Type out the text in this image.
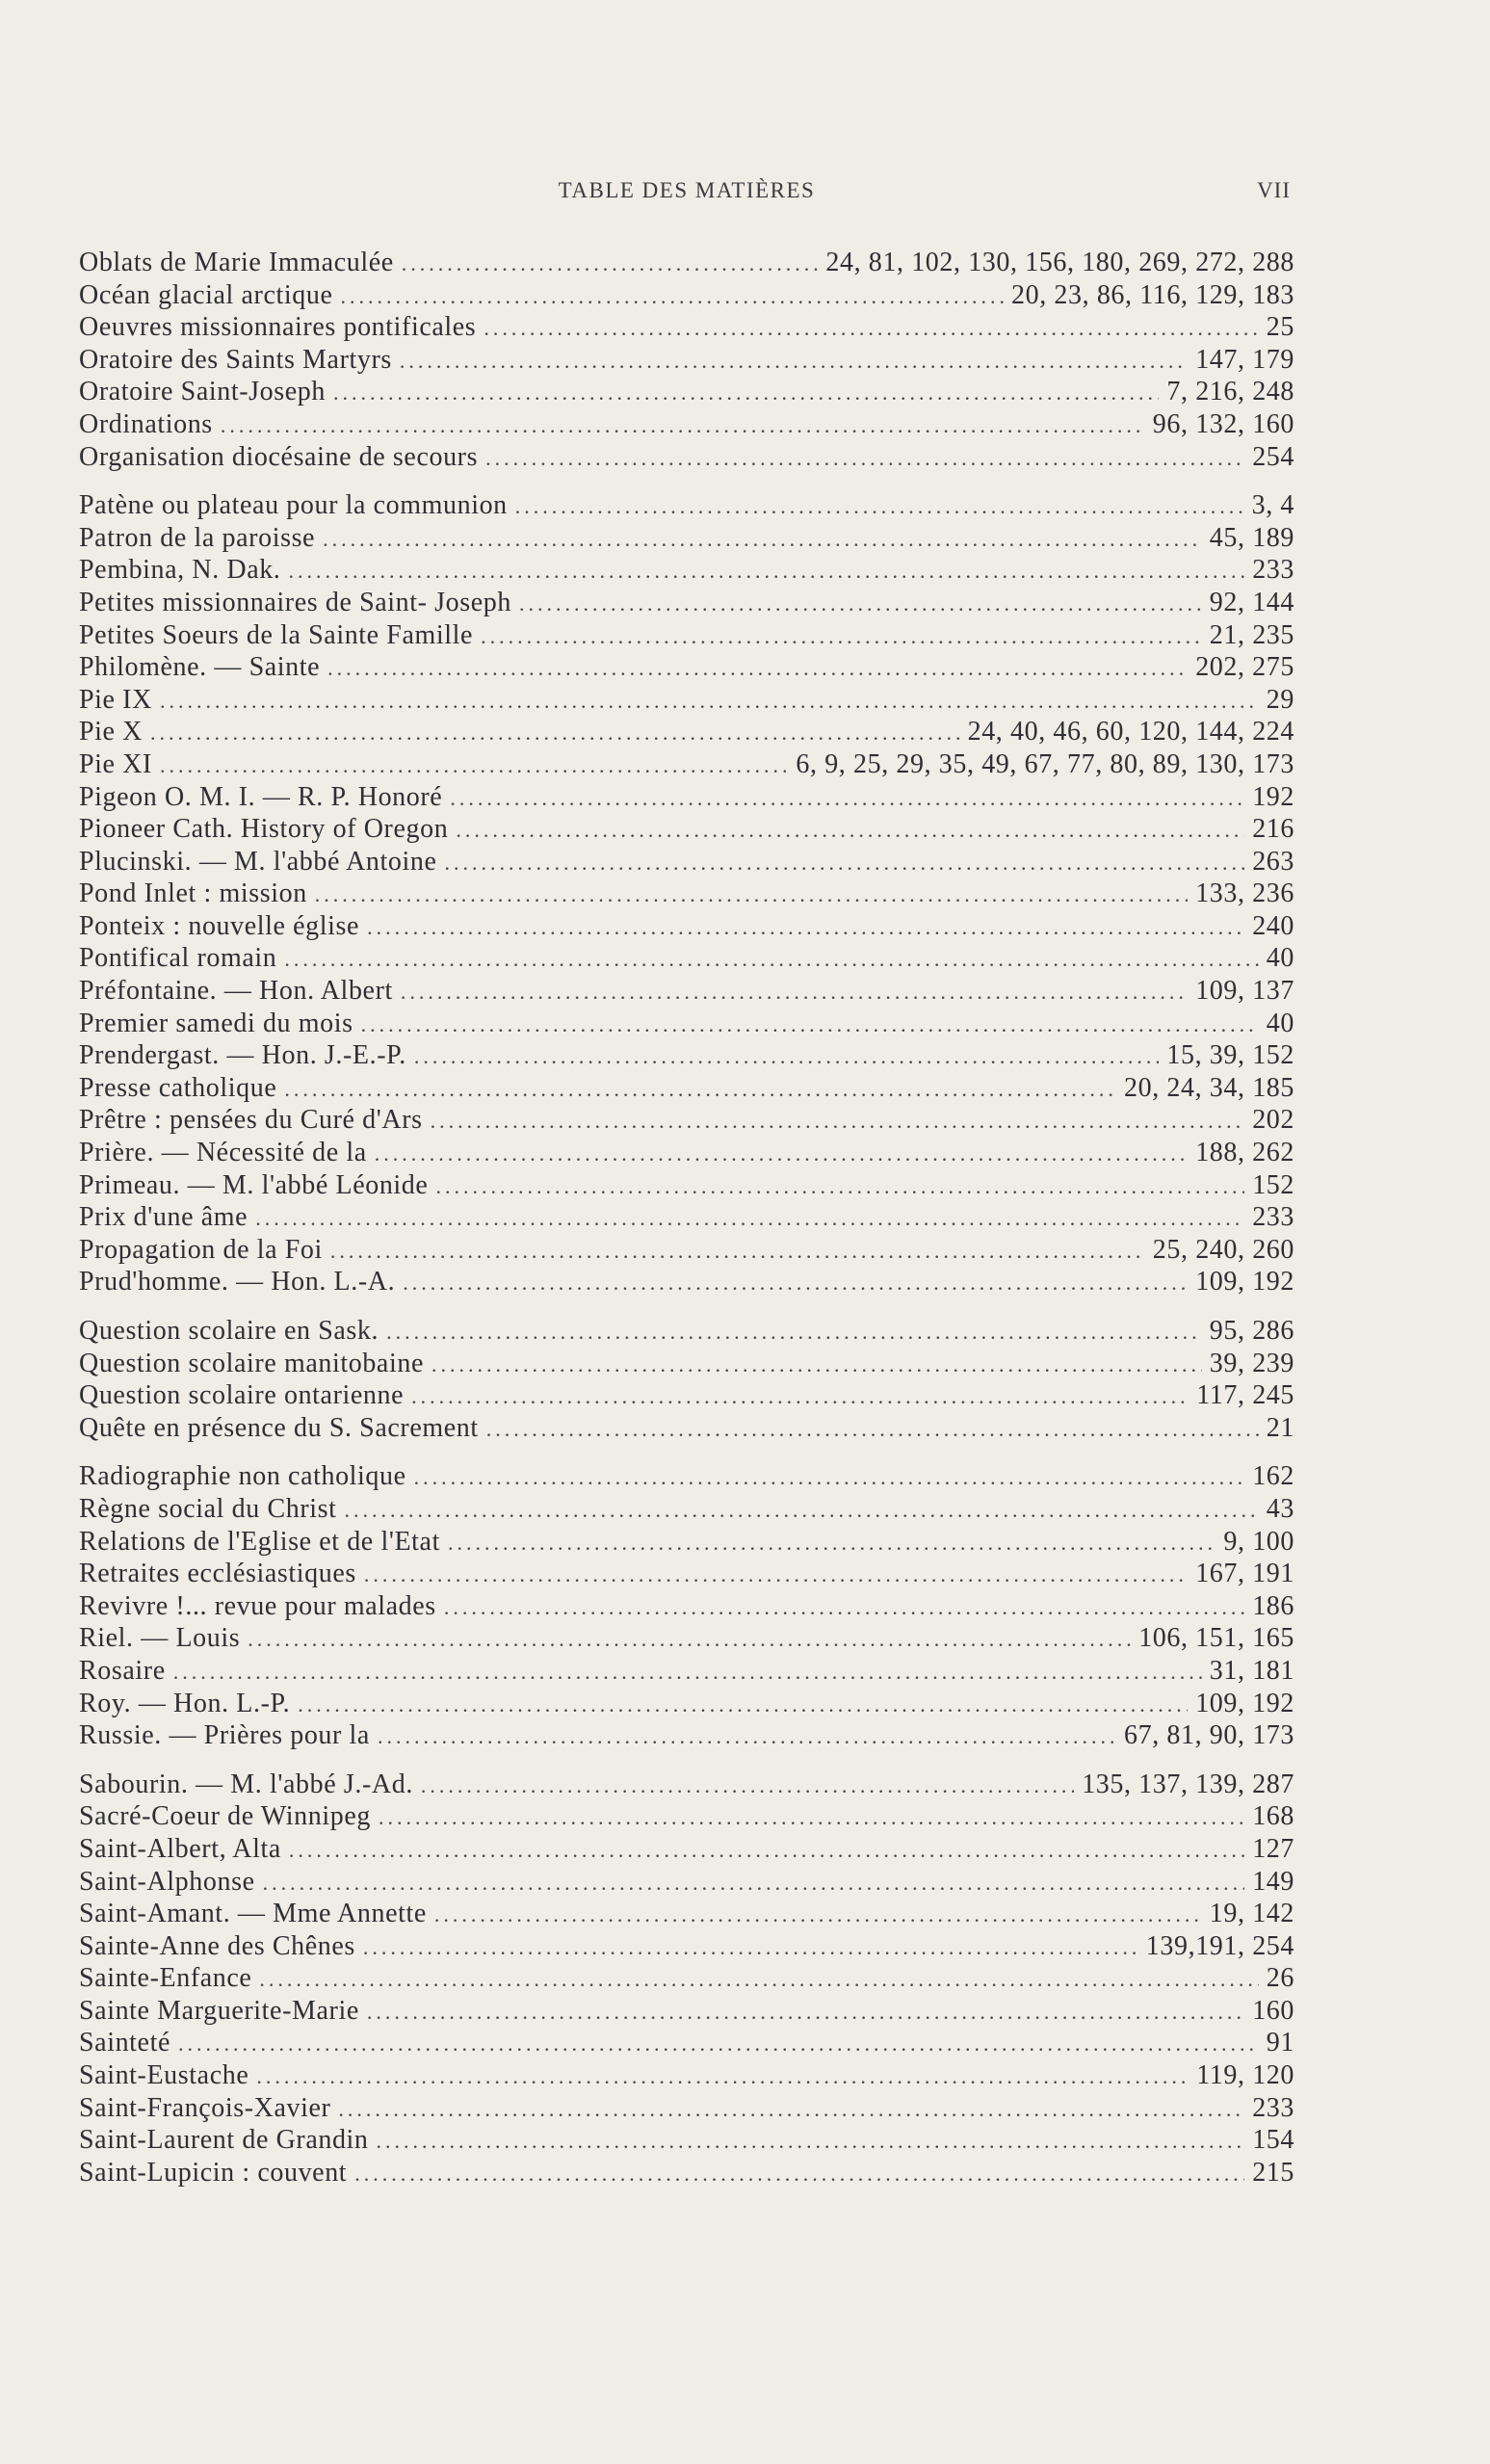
TABLE DES MATIÈRES	VII
Oblats de Marie Immaculée .....	24, 81, 102, 130, 156, 180, 269, 272, 288
Océan glacial arctique .....	20, 23, 86, 116, 129, 183
Oeuvres missionnaires pontificales .....	25
Oratoire des Saints Martyrs .....	147, 179
Oratoire Saint-Joseph .....	7, 216, 248
Ordinations .....	96, 132, 160
Organisation diocésaine de secours .....	254
Patène ou plateau pour la communion .....	3, 4
Patron de la paroisse .....	45, 189
Pembina, N. Dak. .....	233
Petites missionnaires de Saint- Joseph .....	92, 144
Petites Soeurs de la Sainte Famille .....	21, 235
Philomène. — Sainte .....	202, 275
Pie IX .....	29
Pie X .....	24, 40, 46, 60, 120, 144, 224
Pie XI .....	6, 9, 25, 29, 35, 49, 67, 77, 80, 89, 130, 173
Pigeon O. M. I. — R. P. Honoré .....	192
Pioneer Cath. History of Oregon .....	216
Plucinski. — M. l'abbé Antoine .....	263
Pond Inlet : mission .....	133, 236
Ponteix : nouvelle église .....	240
Pontifical romain .....	40
Préfontaine. — Hon. Albert .....	109, 137
Premier samedi du mois .....	40
Prendergast. — Hon. J.-E.-P. .....	15, 39, 152
Presse catholique .....	20, 24, 34, 185
Prêtre : pensées du Curé d'Ars .....	202
Prière. — Nécessité de la .....	188, 262
Primeau. — M. l'abbé Léonide .....	152
Prix d'une âme .....	233
Propagation de la Foi .....	25, 240, 260
Prud'homme. — Hon. L.-A. .....	109, 192
Question scolaire en Sask. .....	95, 286
Question scolaire manitobaine .....	39, 239
Question scolaire ontarienne .....	117, 245
Quête en présence du S. Sacrement .....	21
Radiographie non catholique .....	162
Règne social du Christ .....	43
Relations de l'Eglise et de l'Etat .....	9, 100
Retraites ecclésiastiques .....	167, 191
Revivre !... revue pour malades .....	186
Riel. — Louis .....	106, 151, 165
Rosaire .....	31, 181
Roy. — Hon. L.-P. .....	109, 192
Russie. — Prières pour la .....	67, 81, 90, 173
Sabourin. — M. l'abbé J.-Ad. .....	135, 137, 139, 287
Sacré-Coeur de Winnipeg .....	168
Saint-Albert, Alta .....	127
Saint-Alphonse .....	149
Saint-Amant. — Mme Annette .....	19, 142
Sainte-Anne des Chênes .....	139,191, 254
Sainte-Enfance .....	26
Sainte Marguerite-Marie .....	160
Sainteté .....	91
Saint-Eustache .....	119, 120
Saint-François-Xavier .....	233
Saint-Laurent de Grandin .....	154
Saint-Lupicin : couvent .....	215
